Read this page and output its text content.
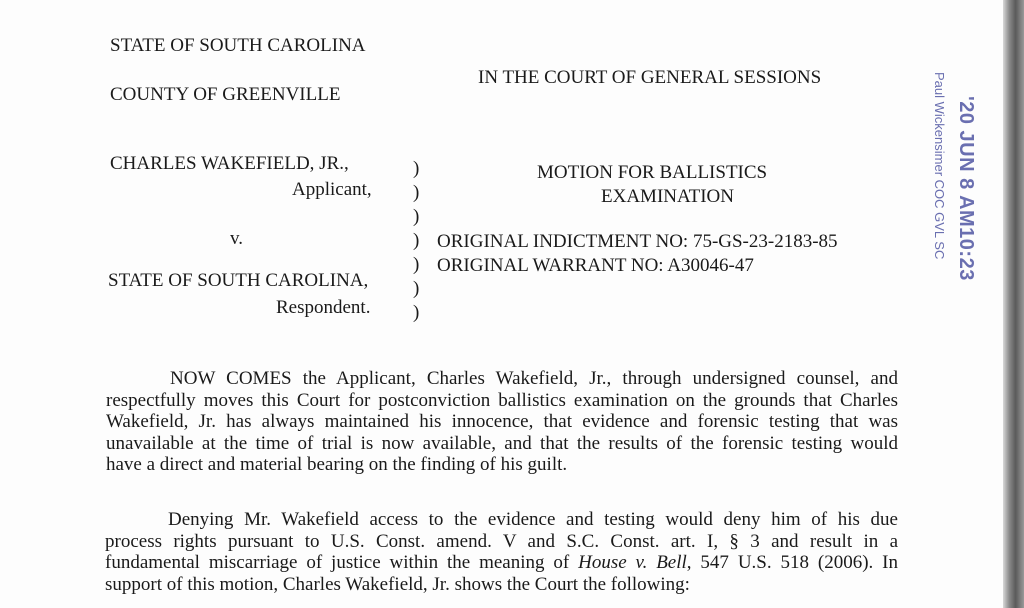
STATE OF SOUTH CAROLINA
COUNTY OF GREENVILLE
IN THE COURT OF GENERAL SESSIONS
CHARLES WAKEFIELD, JR.,
Applicant,
v.
STATE OF SOUTH CAROLINA,
Respondent.
)
)
)
)
)
)
)
MOTION FOR BALLISTICS
EXAMINATION
ORIGINAL INDICTMENT NO: 75-GS-23-2183-85
ORIGINAL WARRANT NO: A30046-47
NOW COMES the Applicant, Charles Wakefield, Jr., through undersigned counsel, and
respectfully moves this Court for postconviction ballistics examination on the grounds that Charles
Wakefield, Jr. has always maintained his innocence, that evidence and forensic testing that was
unavailable at the time of trial is now available, and that the results of the forensic testing would
have a direct and material bearing on the finding of his guilt.
Denying Mr. Wakefield access to the evidence and testing would deny him of his due
process rights pursuant to U.S. Const. amend. V and S.C. Const. art. I, § 3 and result in a
fundamental miscarriage of justice within the meaning of House v. Bell, 547 U.S. 518 (2006). In
support of this motion, Charles Wakefield, Jr. shows the Court the following:
Paul Wickensimer COC GVL SC '20 JUN 8 AM10:23
